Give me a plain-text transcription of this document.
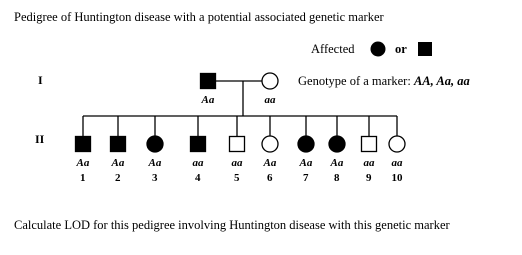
Pedigree of Huntington disease with a potential associated genetic marker
Affected	or
Genotype of a marker: AA, Aa, aa
I
II
Calculate LOD for this pedigree involving Huntington disease with this genetic marker
Aa	aa
Aa
1
Aa
2
Aa
3
aa
4
aa
5
Aa
6
Aa
7
Aa
8
aa
9
aa
10
